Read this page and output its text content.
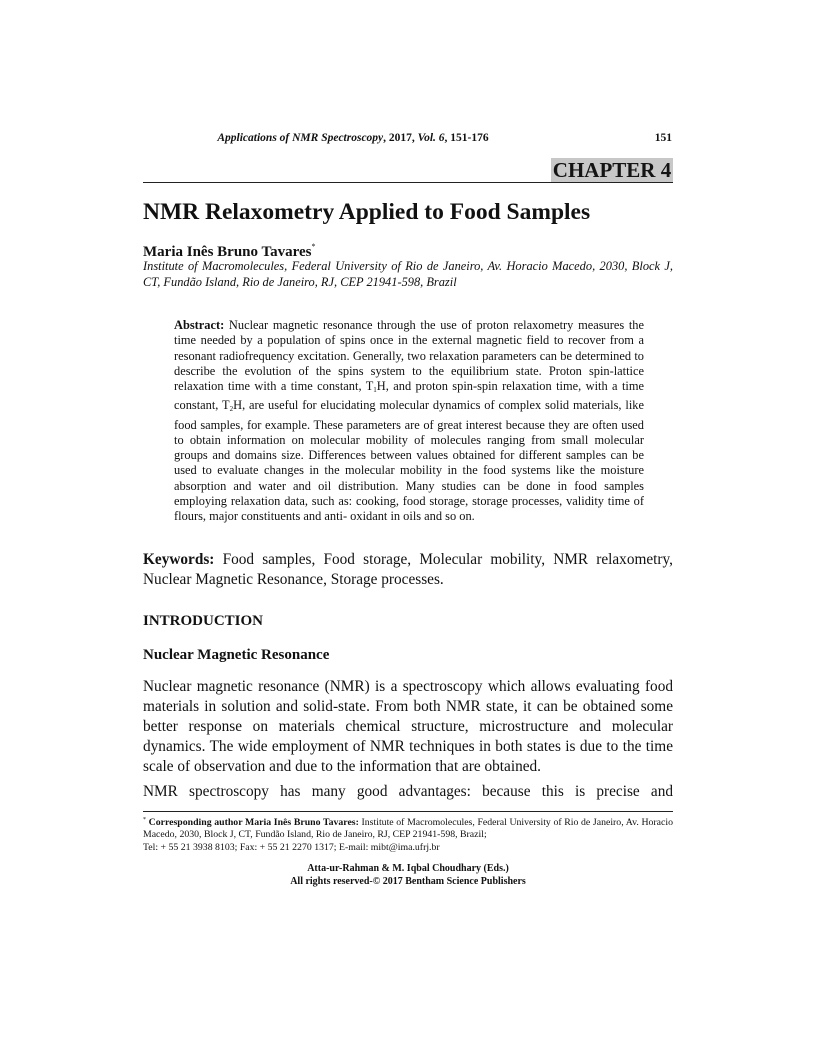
Applications of NMR Spectroscopy, 2017, Vol. 6, 151-176	151
CHAPTER 4
NMR Relaxometry Applied to Food Samples
Maria Inês Bruno Tavares*
Institute of Macromolecules, Federal University of Rio de Janeiro, Av. Horacio Macedo, 2030, Block J, CT, Fundão Island, Rio de Janeiro, RJ, CEP 21941-598, Brazil
Abstract: Nuclear magnetic resonance through the use of proton relaxometry measures the time needed by a population of spins once in the external magnetic field to recover from a resonant radiofrequency excitation. Generally, two relaxation parameters can be determined to describe the evolution of the spins system to the equilibrium state. Proton spin-lattice relaxation time with a time constant, $T_1H$, and proton spin-spin relaxation time, with a time constant, $T_2H$, are useful for elucidating molecular dynamics of complex solid materials, like food samples, for example. These parameters are of great interest because they are often used to obtain information on molecular mobility of molecules ranging from small molecular groups and domains size. Differences between values obtained for different samples can be used to evaluate changes in the molecular mobility in the food systems like the moisture absorption and water and oil distribution. Many studies can be done in food samples employing relaxation data, such as: cooking, food storage, storage processes, validity time of flours, major constituents and anti- oxidant in oils and so on.
Keywords: Food samples, Food storage, Molecular mobility, NMR relaxometry, Nuclear Magnetic Resonance, Storage processes.
INTRODUCTION
Nuclear Magnetic Resonance

Nuclear magnetic resonance (NMR) is a spectroscopy which allows evaluating food materials in solution and solid-state. From both NMR state, it can be obtained some better response on materials chemical structure, microstructure and molecular dynamics. The wide employment of NMR techniques in both states is due to the time scale of observation and due to the information that are obtained.

NMR spectroscopy has many good advantages: because this is precise and

* Corresponding author Maria Inês Bruno Tavares: Institute of Macromolecules, Federal University of Rio de Janeiro, Av. Horacio Macedo, 2030, Block J, CT, Fundão Island, Rio de Janeiro, RJ, CEP 21941-598, Brazil;
Tel: + 55 21 3938 8103; Fax: + 55 21 2270 1317; E-mail: mibt@ima.ufrj.br
Atta-ur-Rahman & M. Iqbal Choudhary (Eds.)
All rights reserved-© 2017 Bentham Science Publishers
